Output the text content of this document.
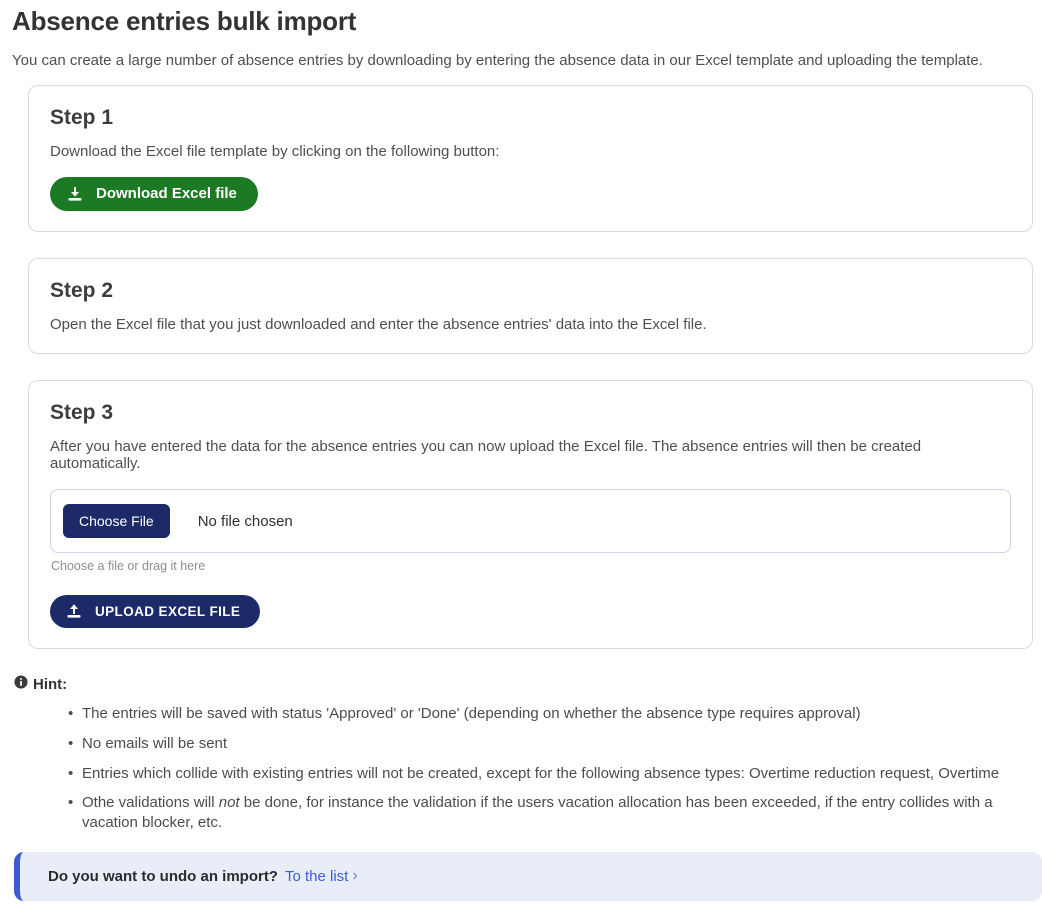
Absence entries bulk import

You can create a large number of absence entries by downloading by entering the absence data in our Excel template and uploading the template.

Step 1

Download the Excel file template by clicking on the following button:

Download Excel file
Step 2

Open the Excel file that you just downloaded and enter the absence entries' data into the Excel file.

Step 3

After you have entered the data for the absence entries you can now upload the Excel file. The absence entries will then be created automatically.

Choose File	No file chosen

Choose a file or drag it here

UPLOAD EXCEL FILE
Hint:
• The entries will be saved with status 'Approved' or 'Done' (depending on whether the absence type requires approval)
• No emails will be sent
• Entries which collide with existing entries will not be created, except for the following absence types: Overtime reduction request, Overtime
• Othe validations will not be done, for instance the validation if the users vacation allocation has been exceeded, if the entry collides with a vacation blocker, etc.
Do you want to undo an import? To the list ›
